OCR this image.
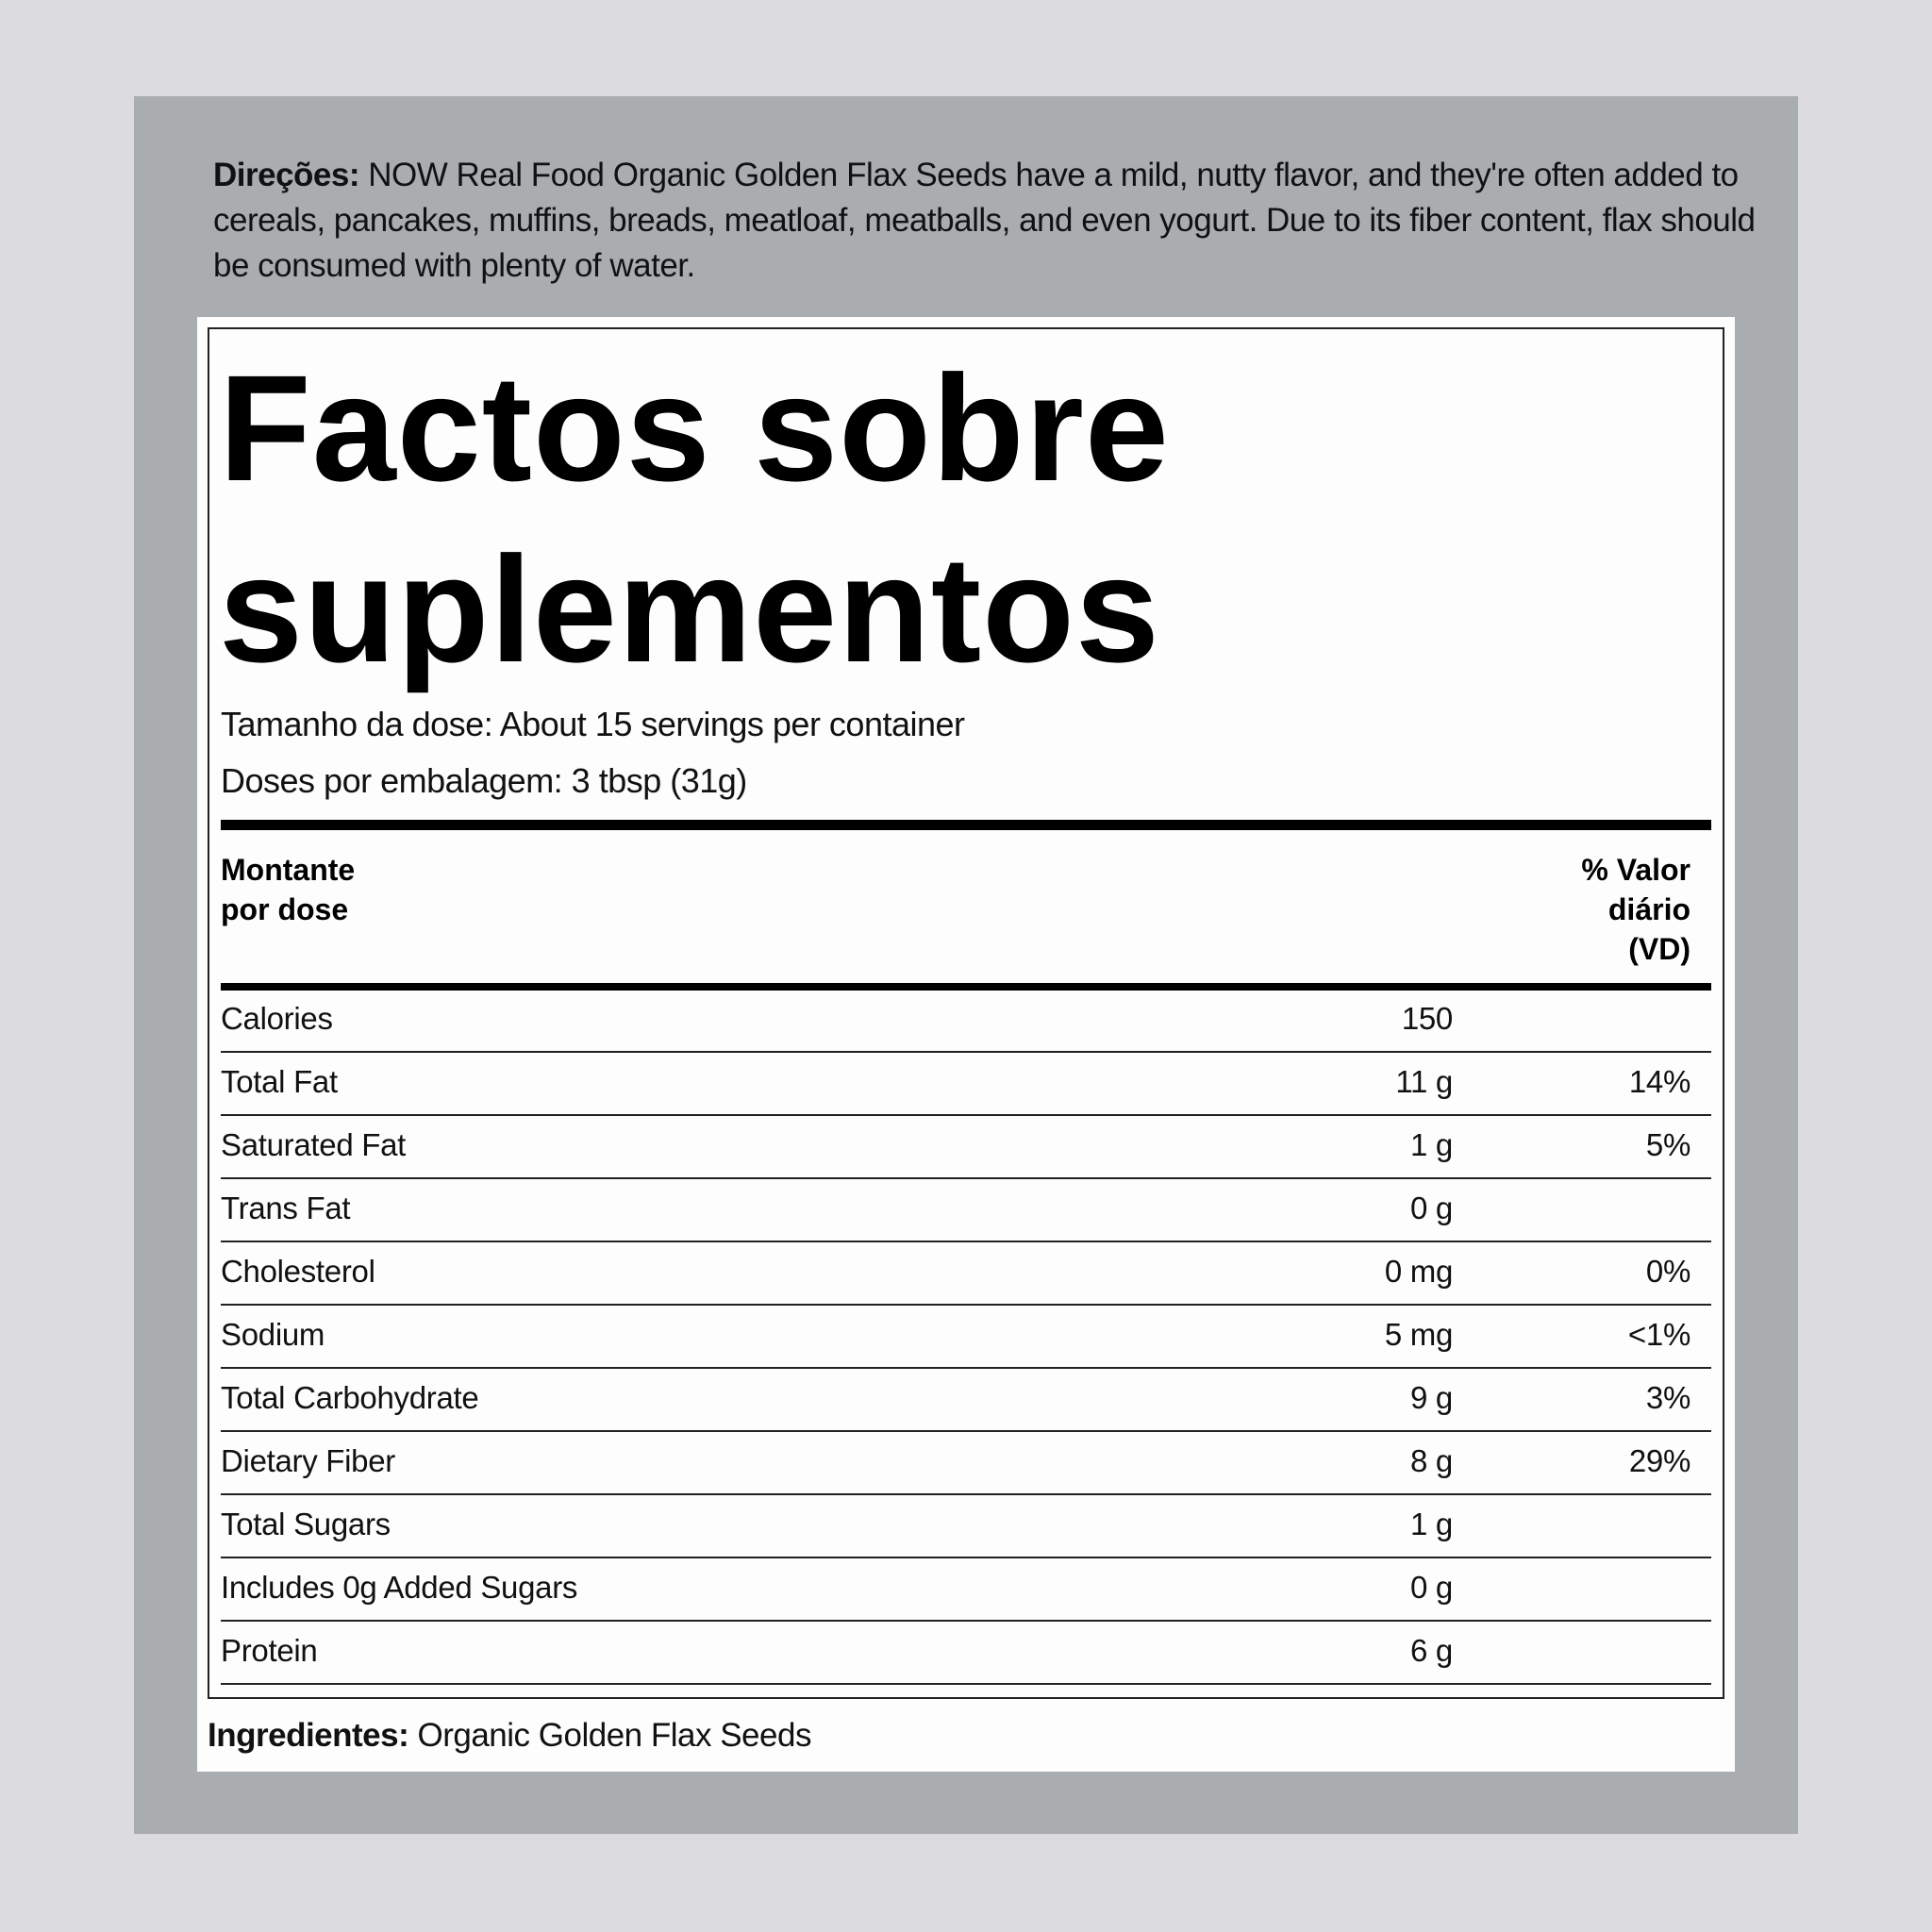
Direções: NOW Real Food Organic Golden Flax Seeds have a mild, nutty flavor, and they're often added to cereals, pancakes, muffins, breads, meatloaf, meatballs, and even yogurt. Due to its fiber content, flax should be consumed with plenty of water.
Factos sobre
suplementos
Tamanho da dose: About 15 servings per container
Doses por embalagem: 3 tbsp (31g)
Montante
por dose
% Valor
diário
(VD)
Calories	150
Total Fat	11 g	14%
Saturated Fat	1 g	5%
Trans Fat	0 g
Cholesterol	0 mg	0%
Sodium	5 mg	<1%
Total Carbohydrate	9 g	3%
Dietary Fiber	8 g	29%
Total Sugars	1 g
Includes 0g Added Sugars	0 g
Protein	6 g
Ingredientes: Organic Golden Flax Seeds
